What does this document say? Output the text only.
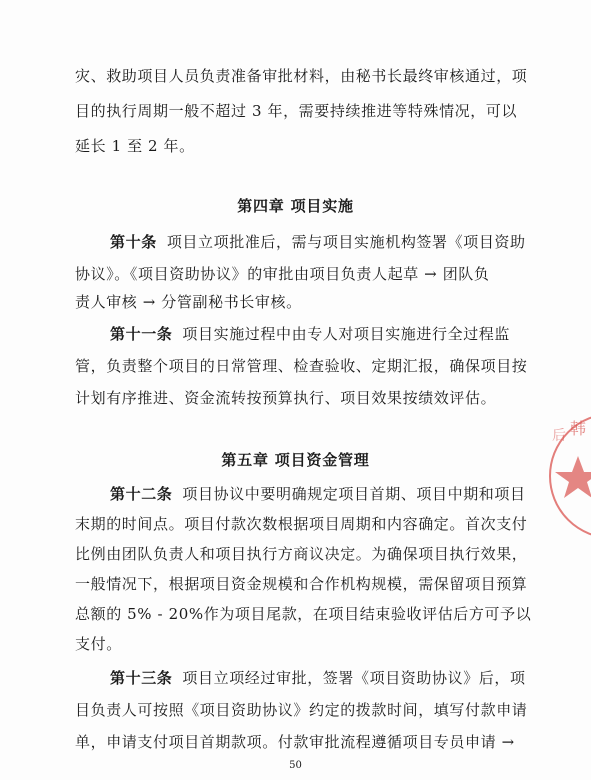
灾、救助项目人员负责准备审批材料，由秘书长最终审核通过，项
目的执行周期一般不超过 3 年，需要持续推进等特殊情况，可以
延长 1 至 2 年。
第四章 项目实施
第十条 项目立项批准后，需与项目实施机构签署《项目资助
协议》。《项目资助协议》的审批由项目负责人起草 → 团队负
责人审核 → 分管副秘书长审核。
第十一条 项目实施过程中由专人对项目实施进行全过程监
管，负责整个项目的日常管理、检查验收、定期汇报，确保项目按
计划有序推进、资金流转按预算执行、项目效果按绩效评估。
第五章 项目资金管理
第十二条 项目协议中要明确规定项目首期、项目中期和项目
末期的时间点。项目付款次数根据项目周期和内容确定。首次支付
比例由团队负责人和项目执行方商议决定。为确保项目执行效果，
一般情况下，根据项目资金规模和合作机构规模，需保留项目预算
总额的 5% - 20%作为项目尾款，在项目结束验收评估后方可予以
支付。
第十三条 项目立项经过审批，签署《项目资助协议》后，项
目负责人可按照《项目资助协议》约定的拨款时间，填写付款申请
单，申请支付项目首期款项。付款审批流程遵循项目专员申请 →
50
韩
后
